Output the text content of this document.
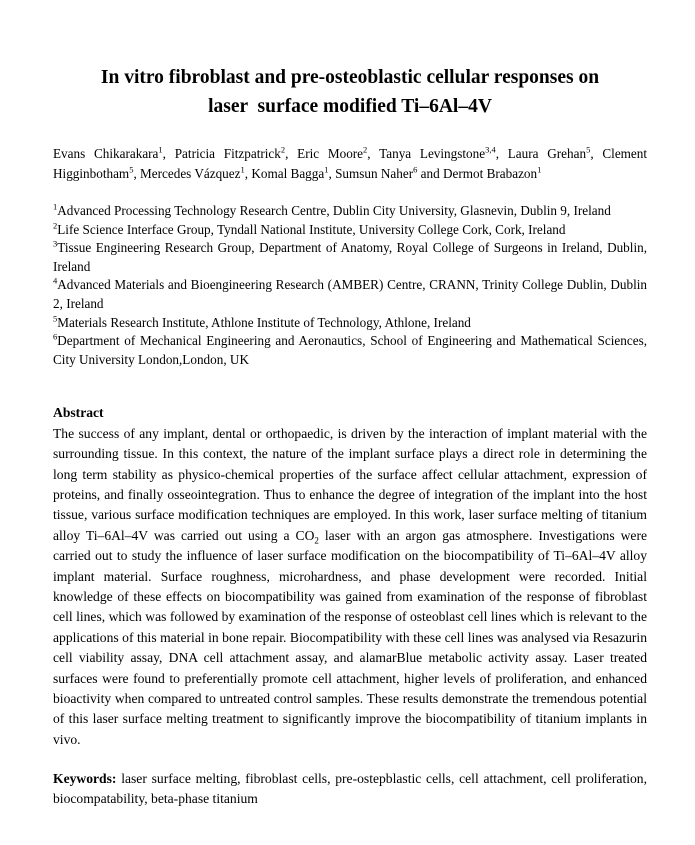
In vitro fibroblast and pre-osteoblastic cellular responses on
laser  surface modified Ti–6Al–4V

Evans Chikarakara$^1$, Patricia Fitzpatrick$^2$, Eric Moore$^2$, Tanya Levingstone$^{3,4}$, Laura Grehan$^5$, Clement Higginbotham$^5$, Mercedes Vázquez$^1$, Komal Bagga$^1$, Sumsun Naher$^6$ and Dermot Brabazon$^1$

$^1$Advanced Processing Technology Research Centre, Dublin City University, Glasnevin, Dublin 9, Ireland

$^2$Life Science Interface Group, Tyndall National Institute, University College Cork, Cork, Ireland

$^3$Tissue Engineering Research Group, Department of Anatomy, Royal College of Surgeons in Ireland, Dublin, Ireland

$^4$Advanced Materials and Bioengineering Research (AMBER) Centre, CRANN, Trinity College Dublin, Dublin 2, Ireland

$^5$Materials Research Institute, Athlone Institute of Technology, Athlone, Ireland

$^6$Department of Mechanical Engineering and Aeronautics, School of Engineering and Mathematical Sciences, City University London,London, UK

Abstract

The success of any implant, dental or orthopaedic, is driven by the interaction of implant material with the surrounding tissue. In this context, the nature of the implant surface plays a direct role in determining the long term stability as physico-chemical properties of the surface affect cellular attachment, expression of proteins, and finally osseointegration. Thus to enhance the degree of integration of the implant into the host tissue, various surface modification techniques are employed. In this work, laser surface melting of titanium alloy Ti–6Al–4V was carried out using a $CO_2$ laser with an argon gas atmosphere. Investigations were carried out to study the influence of laser surface modification on the biocompatibility of Ti–6Al–4V alloy implant material. Surface roughness, microhardness, and phase development were recorded. Initial knowledge of these effects on biocompatibility was gained from examination of the response of fibroblast cell lines, which was followed by examination of the response of osteoblast cell lines which is relevant to the applications of this material in bone repair. Biocompatibility with these cell lines was analysed via Resazurin cell viability assay, DNA cell attachment assay, and alamarBlue metabolic activity assay. Laser treated surfaces were found to preferentially promote cell attachment, higher levels of proliferation, and enhanced bioactivity when compared to untreated control samples. These results demonstrate the tremendous potential of this laser surface melting treatment to significantly improve the biocompatibility of titanium implants in vivo.

Keywords: laser surface melting, fibroblast cells, pre-ostepblastic cells, cell attachment, cell proliferation, biocompatability, beta-phase titanium
